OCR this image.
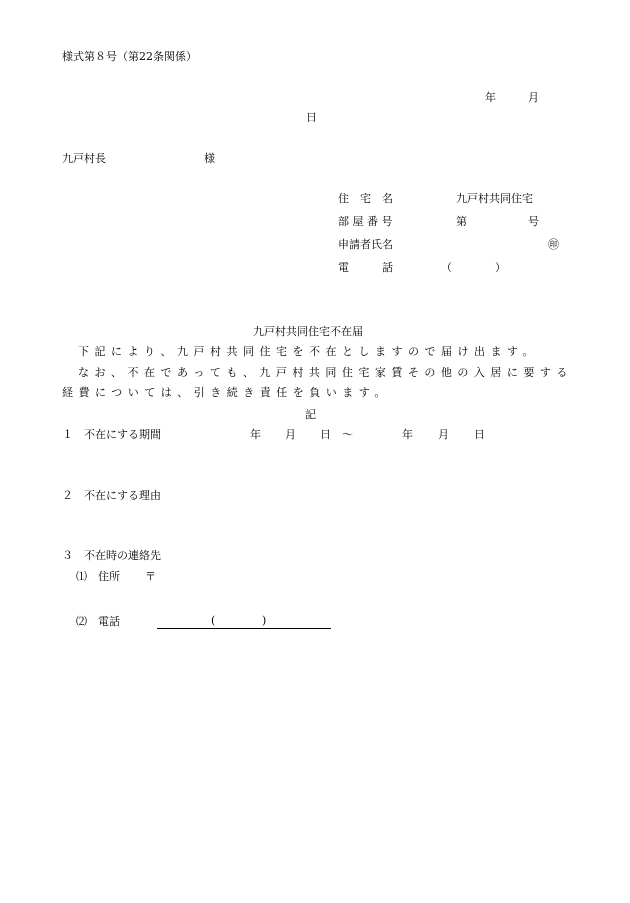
様式第８号（第22条関係）
年	月
日
九戸村長	様
住　宅　名	九戸村共同住宅
部 屋 番 号	第	号
申請者氏名	㊞
電　　　話	（	）
九戸村共同住宅不在届
下記により、九戸村共同住宅を不在としますので届け出ます。
なお、不在であっても、九戸村共同住宅家賃その他の入居に要する
経費については、引き続き責任を負います。
記
１　不在にする期間	年 月 日 ～	年 月 日
２　不在にする理由
３　不在時の連絡先
⑴　住所 〒
⑵　電話	(	)
